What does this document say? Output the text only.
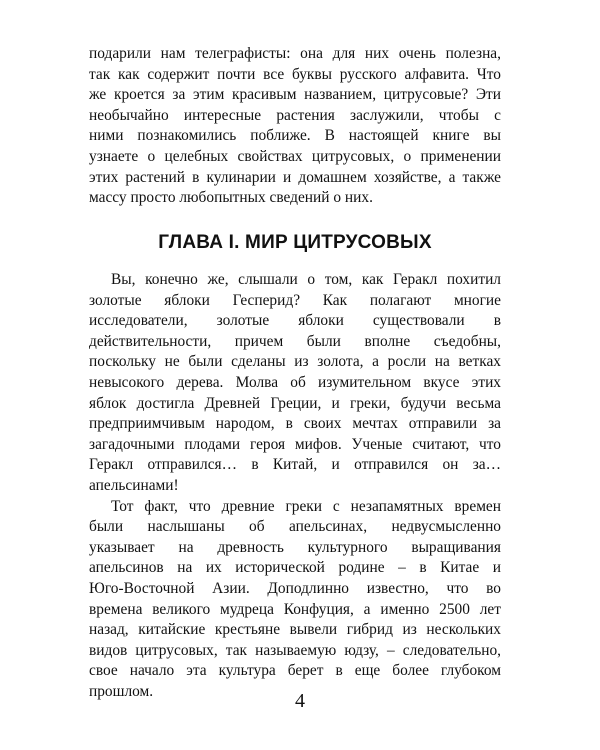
подарили нам телеграфисты: она для них очень полезна,
так как содержит почти все буквы русского алфавита. Что
же кроется за этим красивым названием, цитрусовые? Эти
необычайно интересные растения заслужили, чтобы с
ними познакомились поближе. В настоящей книге вы
узнаете о целебных свойствах цитрусовых, о применении
этих растений в кулинарии и домашнем хозяйстве, а также
массу просто любопытных сведений о них.

ГЛАВА I. МИР ЦИТРУСОВЫХ

Вы, конечно же, слышали о том, как Геракл похитил
золотые яблоки Гесперид? Как полагают многие
исследователи, золотые яблоки существовали в
действительности, причем были вполне съедобны,
поскольку не были сделаны из золота, а росли на ветках
невысокого дерева. Молва об изумительном вкусе этих
яблок достигла Древней Греции, и греки, будучи весьма
предприимчивым народом, в своих мечтах отправили за
загадочными плодами героя мифов. Ученые считают, что
Геракл отправился… в Китай, и отправился он за…
апельсинами!

Тот факт, что древние греки с незапамятных времен
были наслышаны об апельсинах, недвусмысленно
указывает на древность культурного выращивания
апельсинов на их исторической родине – в Китае и
Юго-Восточной Азии. Доподлинно известно, что во
времена великого мудреца Конфуция, а именно 2500 лет
назад, китайские крестьяне вывели гибрид из нескольких
видов цитрусовых, так называемую юдзу, – следовательно,
свое начало эта культура берет в еще более глубоком
прошлом.	4
